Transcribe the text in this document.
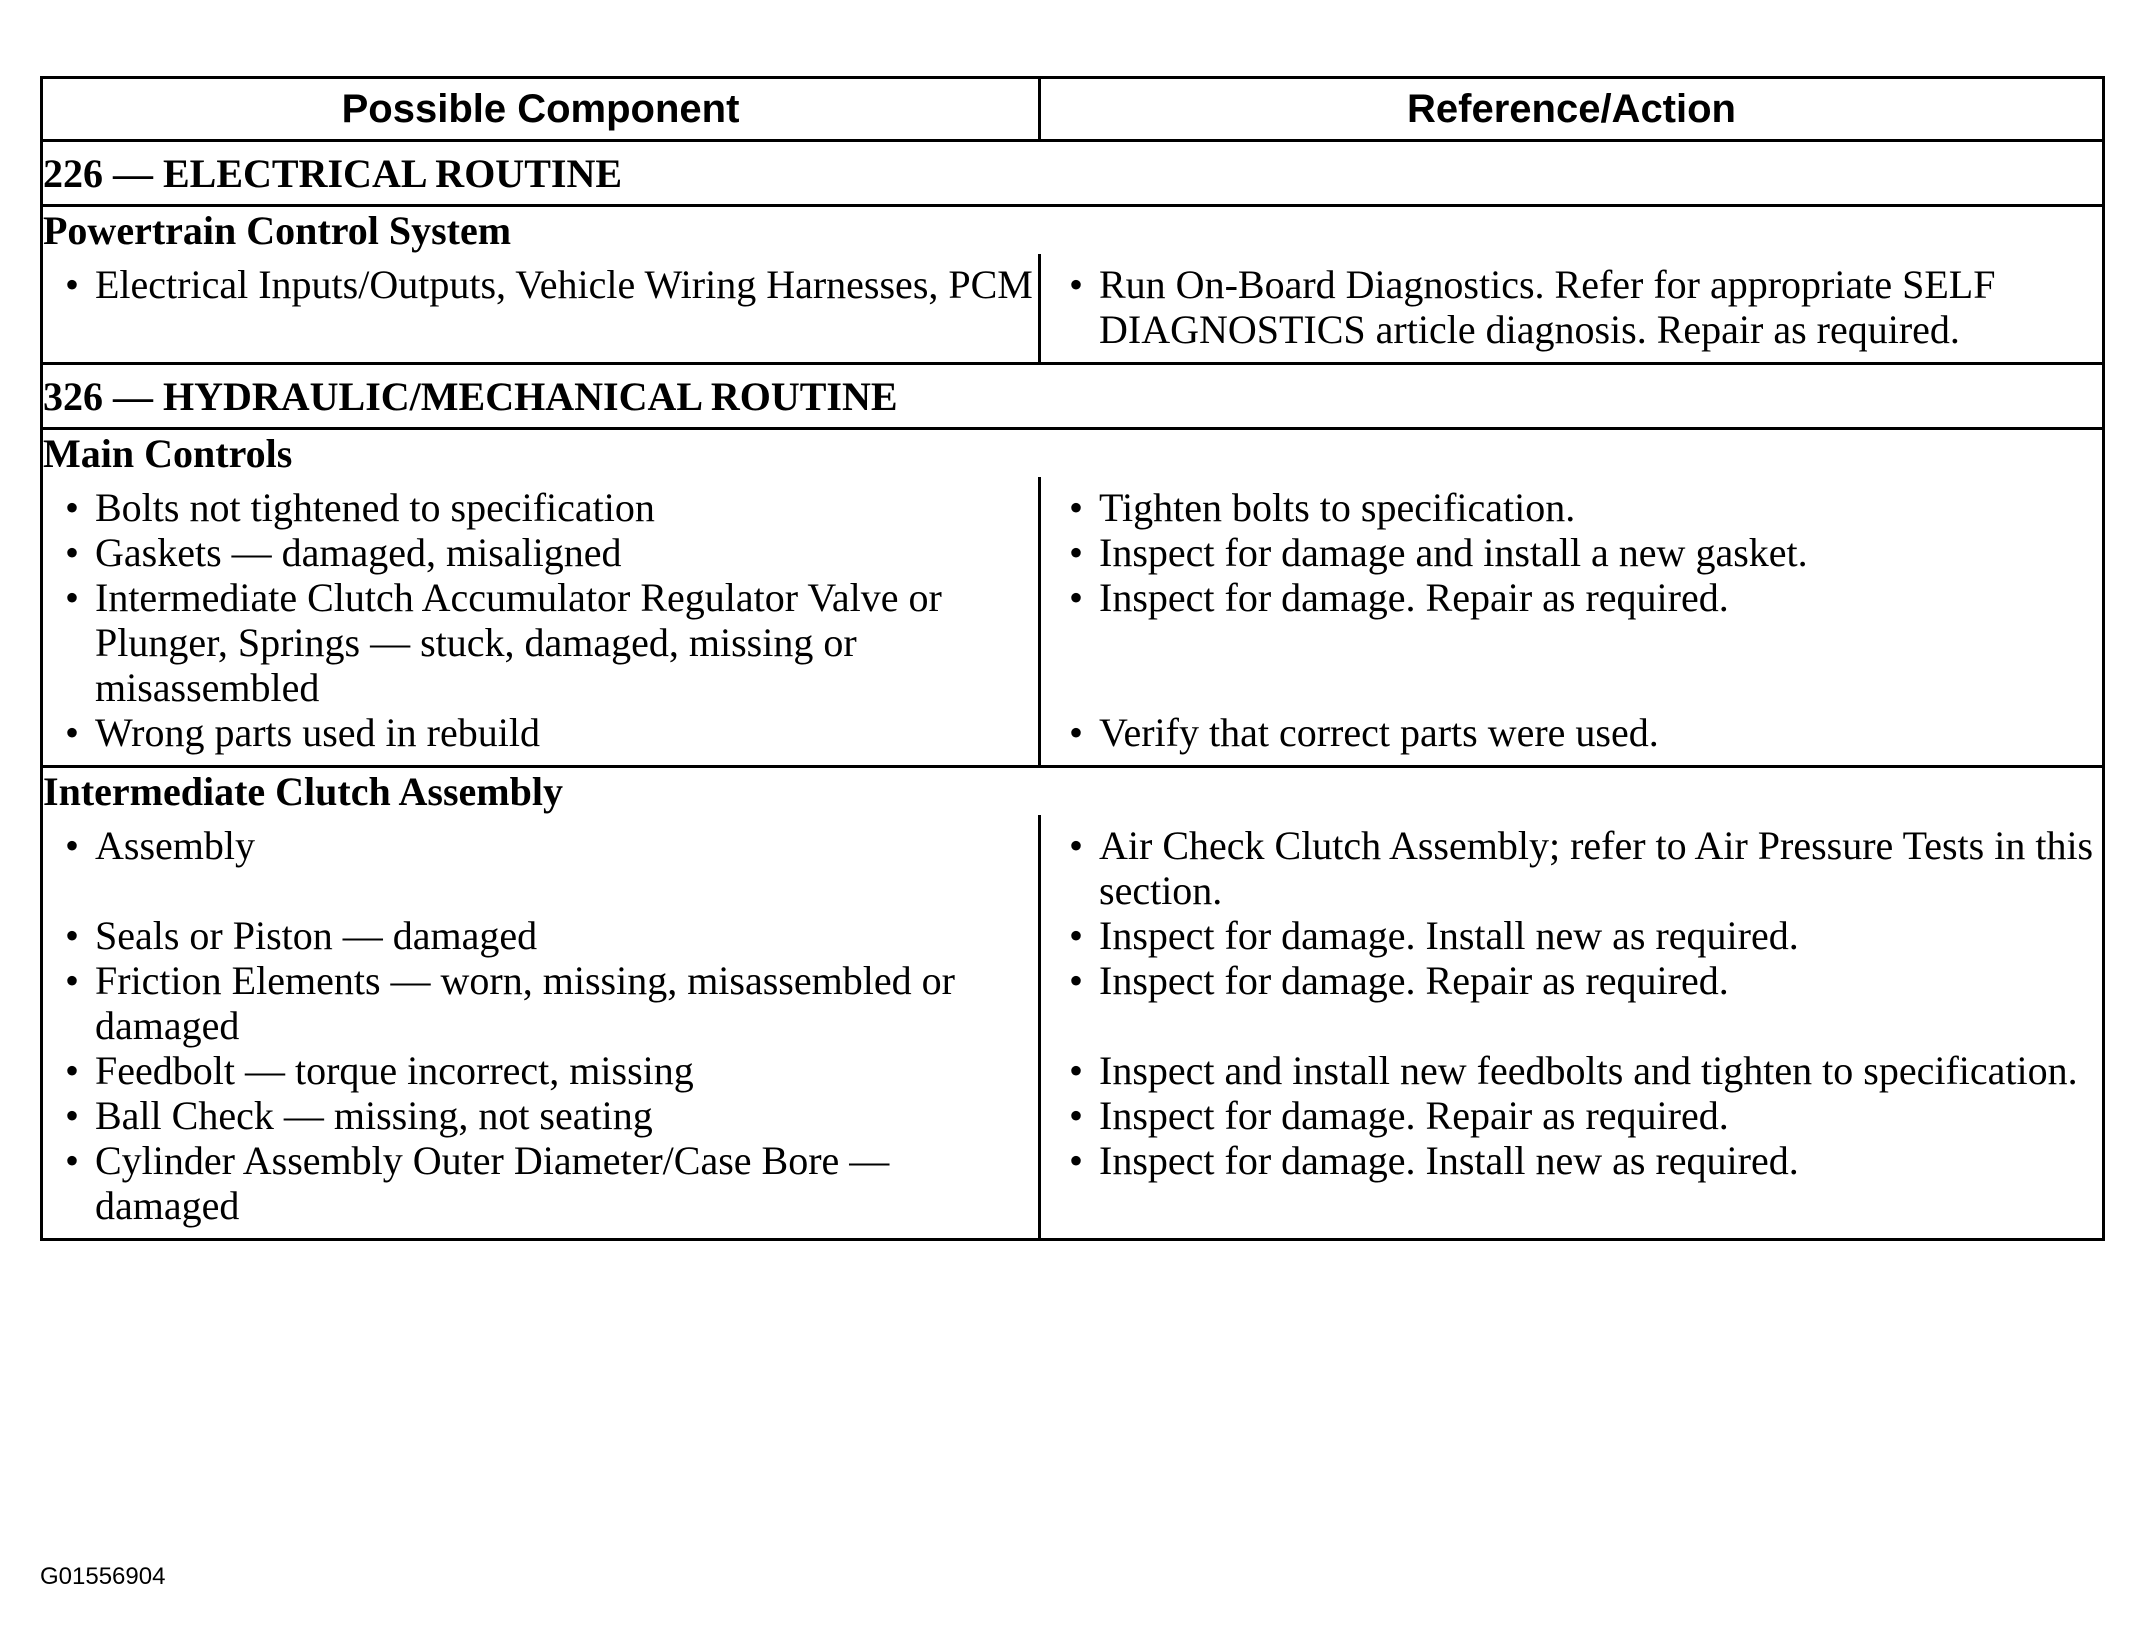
Possible Component	Reference/Action
226 — ELECTRICAL ROUTINE	
Powertrain Control System	

• Electrical Inputs/Outputs, Vehicle Wiring Harnesses, PCM	• Run On-Board Diagnostics. Refer for appropriate SELF DIAGNOSTICS article diagnosis. Repair as required.

326 — HYDRAULIC/MECHANICAL ROUTINE	
Main Controls	

• Bolts not tightened to specification	• Tighten bolts to specification.

• Gaskets — damaged, misaligned	• Inspect for damage and install a new gasket.

• Intermediate Clutch Accumulator Regulator Valve or Plunger, Springs — stuck, damaged, missing or misassembled	• Inspect for damage. Repair as required.

• Wrong parts used in rebuild	• Verify that correct parts were used.

Intermediate Clutch Assembly	

• Assembly	• Air Check Clutch Assembly; refer to Air Pressure Tests in this section.

• Seals or Piston — damaged	• Inspect for damage. Install new as required.

• Friction Elements — worn, missing, misassembled or damaged	• Inspect for damage. Repair as required.

• Feedbolt — torque incorrect, missing	• Inspect and install new feedbolts and tighten to specification.

• Ball Check — missing, not seating	• Inspect for damage. Repair as required.

• Cylinder Assembly Outer Diameter/Case Bore — damaged	• Inspect for damage. Install new as required.
G01556904
